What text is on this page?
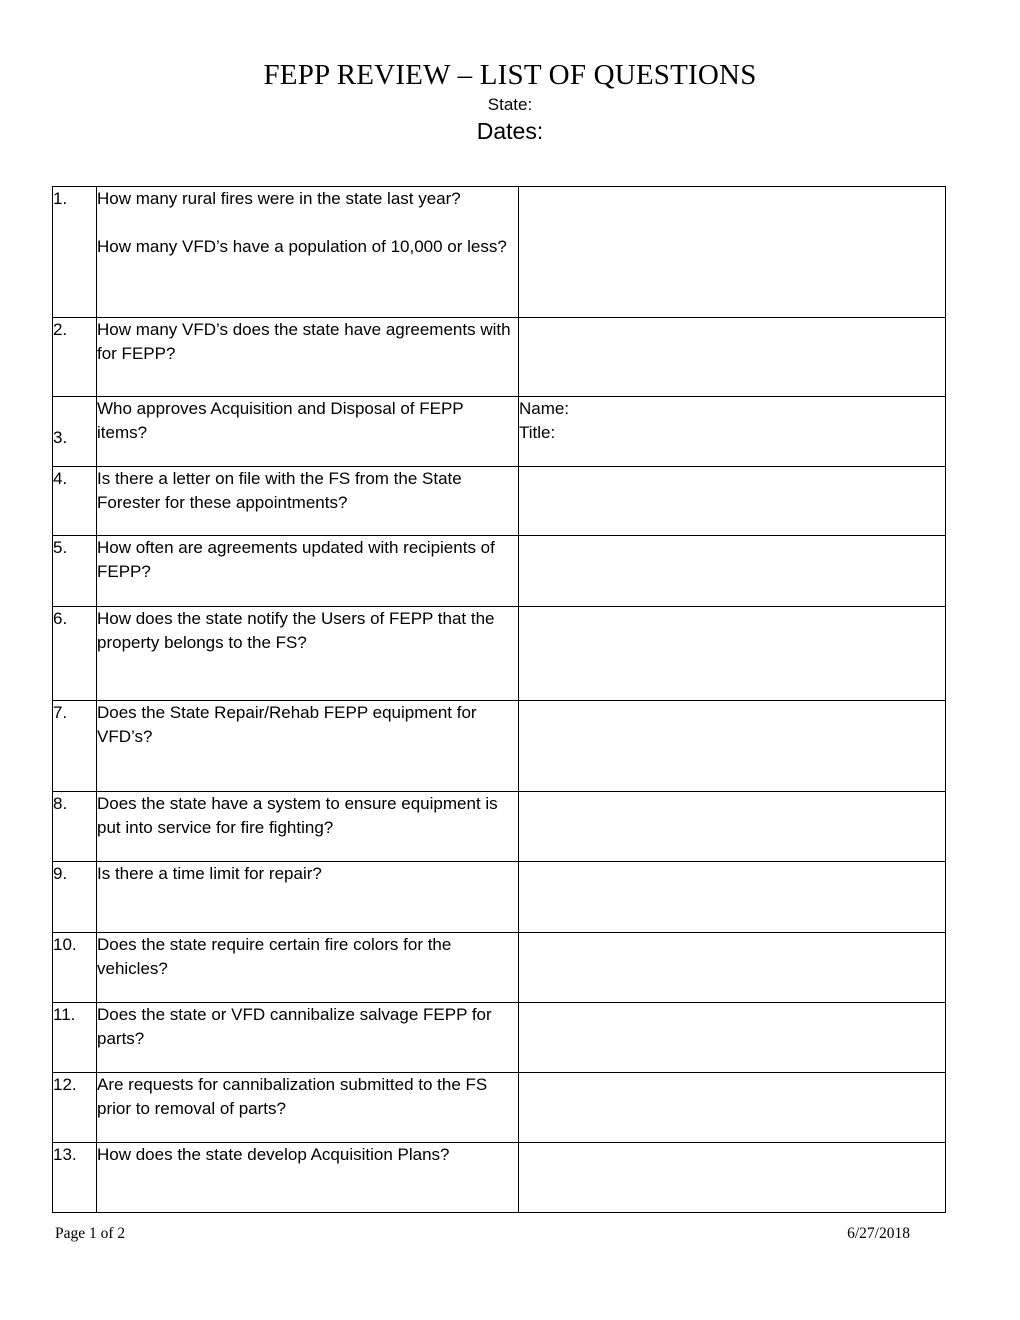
FEPP REVIEW – LIST OF QUESTIONS
State:
Dates:
1.	How many rural fires were in the state last year?

How many VFD’s have a population of 10,000 or less?	

2.	How many VFD’s does the state have agreements with for FEPP?	

3.	Who approves Acquisition and Disposal of FEPP items?	Name:

Title:

4.	Is there a letter on file with the FS from the State Forester for these appointments?	

5.	How often are agreements updated with recipients of FEPP?	

6.	How does the state notify the Users of FEPP that the property belongs to the FS?	

7.	Does the State Repair/Rehab FEPP equipment for VFD’s?	

8.	Does the state have a system to ensure equipment is put into service for fire fighting?	

9.	Is there a time limit for repair?	

10.	Does the state require certain fire colors for the vehicles?	

11.	Does the state or VFD cannibalize salvage FEPP for parts?	

12.	Are requests for cannibalization submitted to the FS prior to removal of parts?	

13.	How does the state develop Acquisition Plans?	

Page 1 of 2	6/27/2018
